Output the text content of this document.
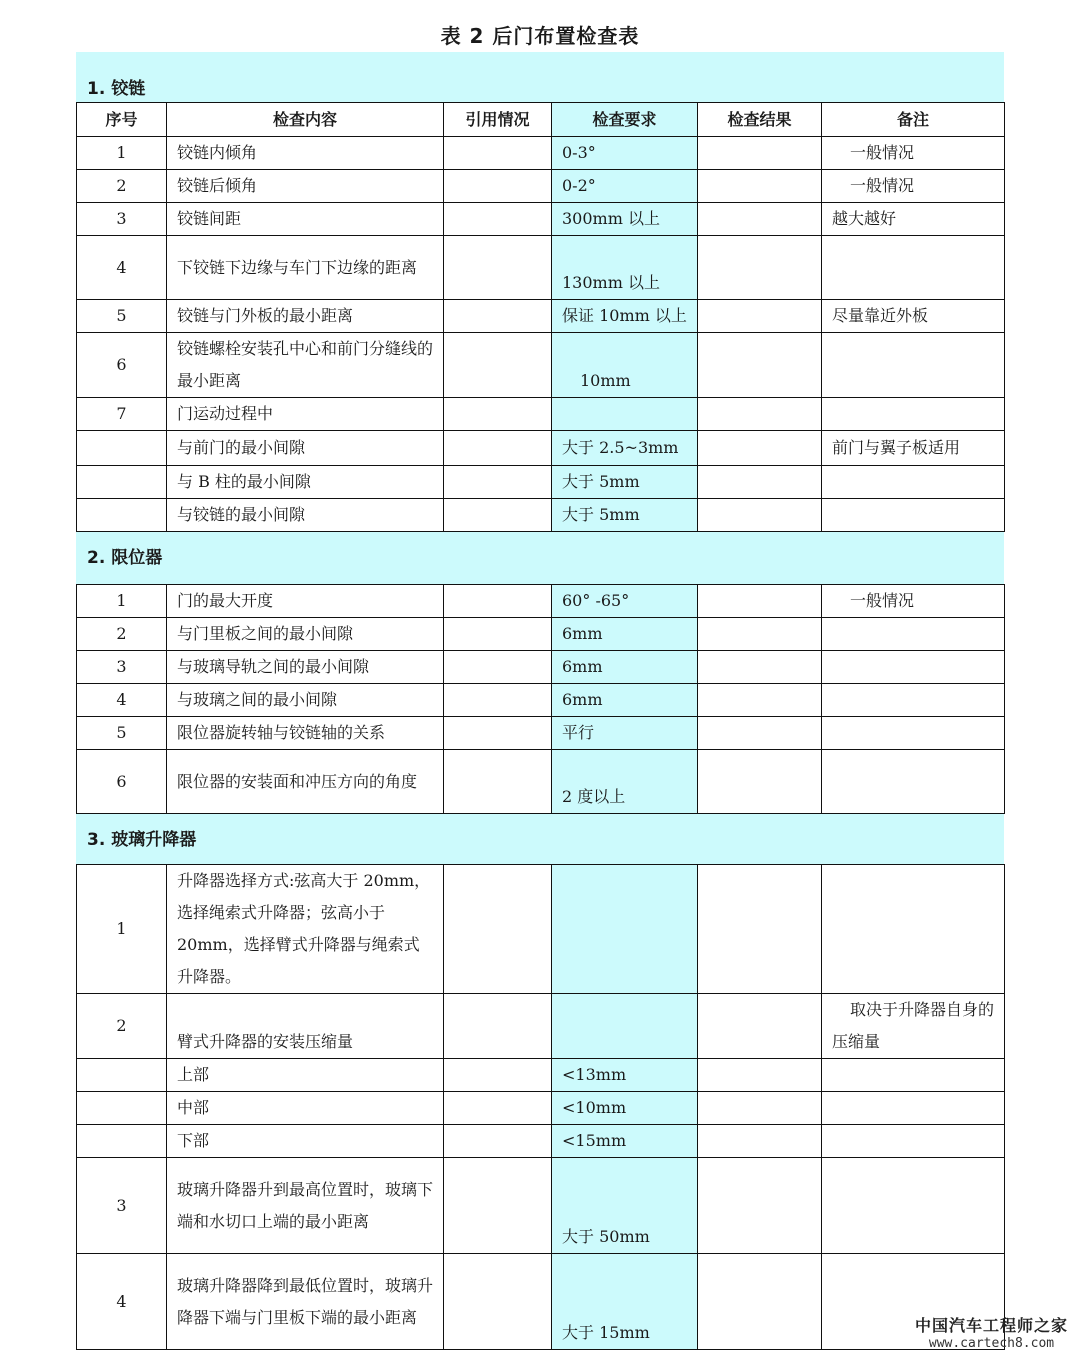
表 2 后门布置检查表
1. 铰链
序号	检查内容	引用情况	检查要求	检查结果	备注
1	铰链内倾角		0-3°		一般情况
2	铰链后倾角		0-2°		一般情况
3	铰链间距		300mm 以上		越大越好
4	下铰链下边缘与车门下边缘的距离		130mm 以上		
5	铰链与门外板的最小距离		保证 10mm 以上		尽量靠近外板
6	铰链螺栓安装孔中心和前门分缝线的最小距离		10mm		
7	门运动过程中				
	与前门的最小间隙		大于 2.5~3mm		前门与翼子板适用
	与 B 柱的最小间隙		大于 5mm		
	与铰链的最小间隙		大于 5mm		
2. 限位器
1	门的最大开度		60° -65°		一般情况
2	与门里板之间的最小间隙		6mm		
3	与玻璃导轨之间的最小间隙		6mm		
4	与玻璃之间的最小间隙		6mm		
5	限位器旋转轴与铰链轴的关系		平行		
6	限位器的安装面和冲压方向的角度		2 度以上		
3. 玻璃升降器
1	升降器选择方式:弦高大于 20mm，选择绳索式升降器；弦高小于 20mm，选择臂式升降器与绳索式升降器。				
2	臂式升降器的安装压缩量				取决于升降器自身的压缩量
	上部		<13mm		
	中部		<10mm		
	下部		<15mm		
3	玻璃升降器升到最高位置时，玻璃下端和水切口上端的最小距离		大于 50mm		
4	玻璃升降器降到最低位置时，玻璃升降器下端与门里板下端的最小距离		大于 15mm			中国汽车工程师之家
www.cartech8.com
